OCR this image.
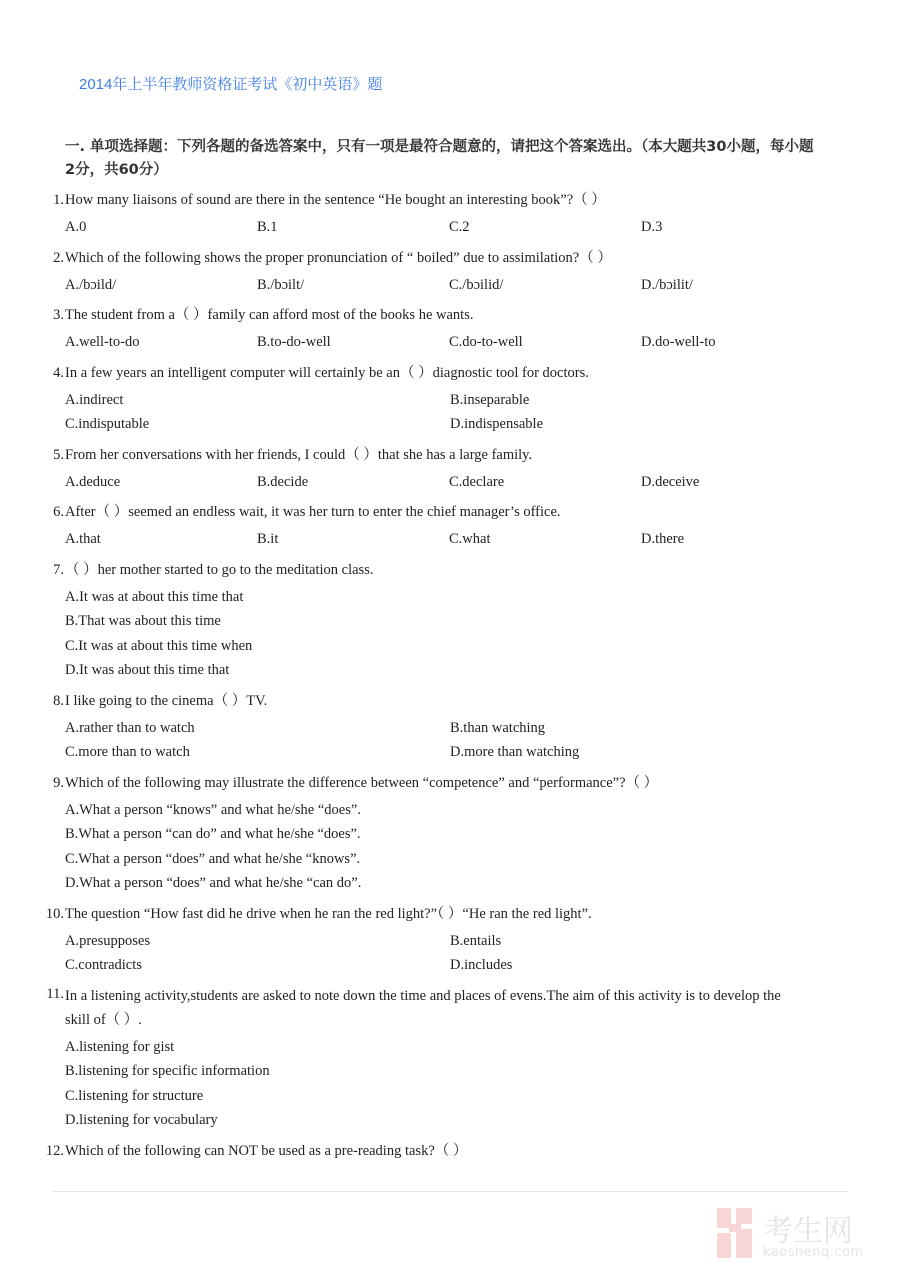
2014年上半年教师资格证考试《初中英语》题
一. 单项选择题：下列各题的备选答案中，只有一项是最符合题意的，请把这个答案选出。（本大题共30小题，每小题2分，共60分）
1. How many liaisons of sound are there in the sentence “He bought an interesting book”?（ ）
A.0	B.1	C.2	D.3
2. Which of the following shows the proper pronunciation of “ boiled” due to assimilation?（ ）
A./bɔild/	B./bɔilt/	C./bɔilid/	D./bɔilit/
3. The student from a（ ）family can afford most of the books he wants.
A.well-to-do	B.to-do-well	C.do-to-well	D.do-well-to
4. In a few years an intelligent computer will certainly be an（ ）diagnostic tool for doctors.
A.indirect	B.inseparable
C.indisputable	D.indispensable
5. From her conversations with her friends, I could（ ）that she has a large family.
A.deduce	B.decide	C.declare	D.deceive
6. After（ ）seemed an endless wait, it was her turn to enter the chief manager’s office.
A.that	B.it	C.what	D.there
7. （ ）her mother started to go to the meditation class.
A.It was at about this time that
B.That was about this time
C.It was at about this time when
D.It was about this time that
8. I like going to the cinema（ ）TV.
A.rather than to watch	B.than watching
C.more than to watch	D.more than watching
9. Which of the following may illustrate the difference between “competence” and “performance”?（ ）
A.What a person “knows” and what he/she “does”.
B.What a person “can do” and what he/she “does”.
C.What a person “does” and what he/she “knows”.
D.What a person “does” and what he/she “can do”.
10. The question “How fast did he drive when he ran the red light?”（ ）“He ran the red light”.
A.presupposes	B.entails
C.contradicts	D.includes
11. In a listening activity,students are asked to note down the time and places of evens.The aim of this activity is to develop the skill of（ ）.
A.listening for gist
B.listening for specific information
C.listening for structure
D.listening for vocabulary
12. Which of the following can NOT be used as a pre-reading task?（ ）
考生网
kaosheng.com
